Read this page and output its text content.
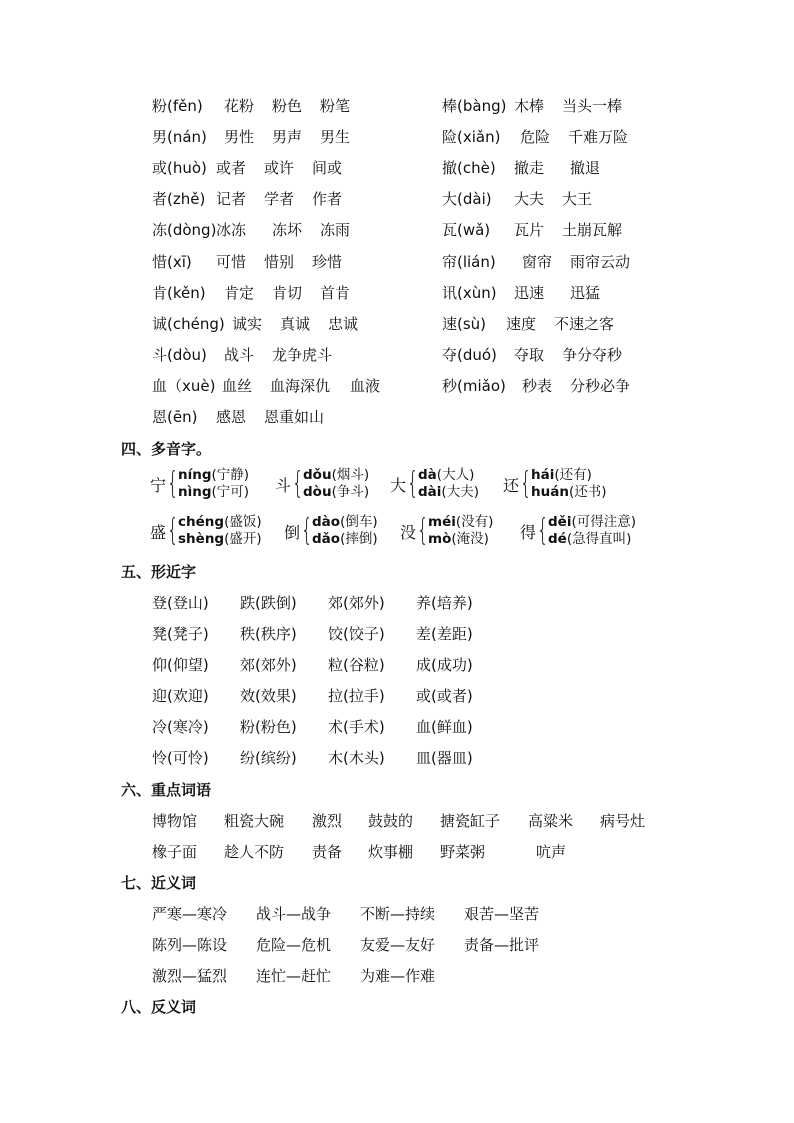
粉(fěn) 花粉 粉色 粉笔
男(nán) 男性 男声 男生
或(huò) 或者 或许 间或
者(zhě) 记者 学者 作者
冻(dòng)冰冻 冻坏 冻雨
惜(xī) 可惜 惜别 珍惜
肯(kěn) 肯定 肯切 首肯
诚(chéng) 诚实 真诚 忠诚
斗(dòu) 战斗 龙争虎斗
血（xuè) 血丝 血海深仇 血液
恩(ēn) 感恩 恩重如山
棒(bàng) 木棒 当头一棒
险(xiǎn) 危险 千难万险
撤(chè) 撤走 撤退
大(dài) 大夫 大王
瓦(wǎ) 瓦片 土崩瓦解
帘(lián) 窗帘 雨帘云动
讯(xùn) 迅速 迅猛
速(sù) 速度 不速之客
夺(duó) 夺取 争分夺秒
秒(miǎo) 秒表 分秒必争
四、多音字。
宁 { níng(宁静)
nìng(宁可) 斗 { dǒu(烟斗)
dòu(争斗) 大 { dà(大人)
dài(大夫) 还 { hái(还有)
huán(还书)
盛 { chéng(盛饭)
shèng(盛开) 倒 { dào(倒车)
dǎo(摔倒) 没 { méi(没有)
mò(淹没) 得 { děi(可得注意)
dé(急得直叫)
五、形近字
登(登山) 跌(跌倒) 郊(郊外) 养(培养)
凳(凳子) 秩(秩序) 饺(饺子) 差(差距)
仰(仰望) 郊(郊外) 粒(谷粒) 成(成功)
迎(欢迎) 效(效果) 拉(拉手) 或(或者)
冷(寒冷) 粉(粉色) 术(手术) 血(鲜血)
怜(可怜) 纷(缤纷) 木(木头) 皿(器皿)
六、重点词语
博物馆 粗瓷大碗 激烈 鼓鼓的 搪瓷缸子 高粱米 病号灶
橡子面 趁人不防 责备 炊事棚 野菜粥	吭声
七、近义词
严寒—寒冷 战斗—战争 不断—持续 艰苦—坚苦
陈列—陈设 危险—危机 友爱—友好 责备—批评
激烈—猛烈 连忙—赶忙 为难—作难
八、反义词
